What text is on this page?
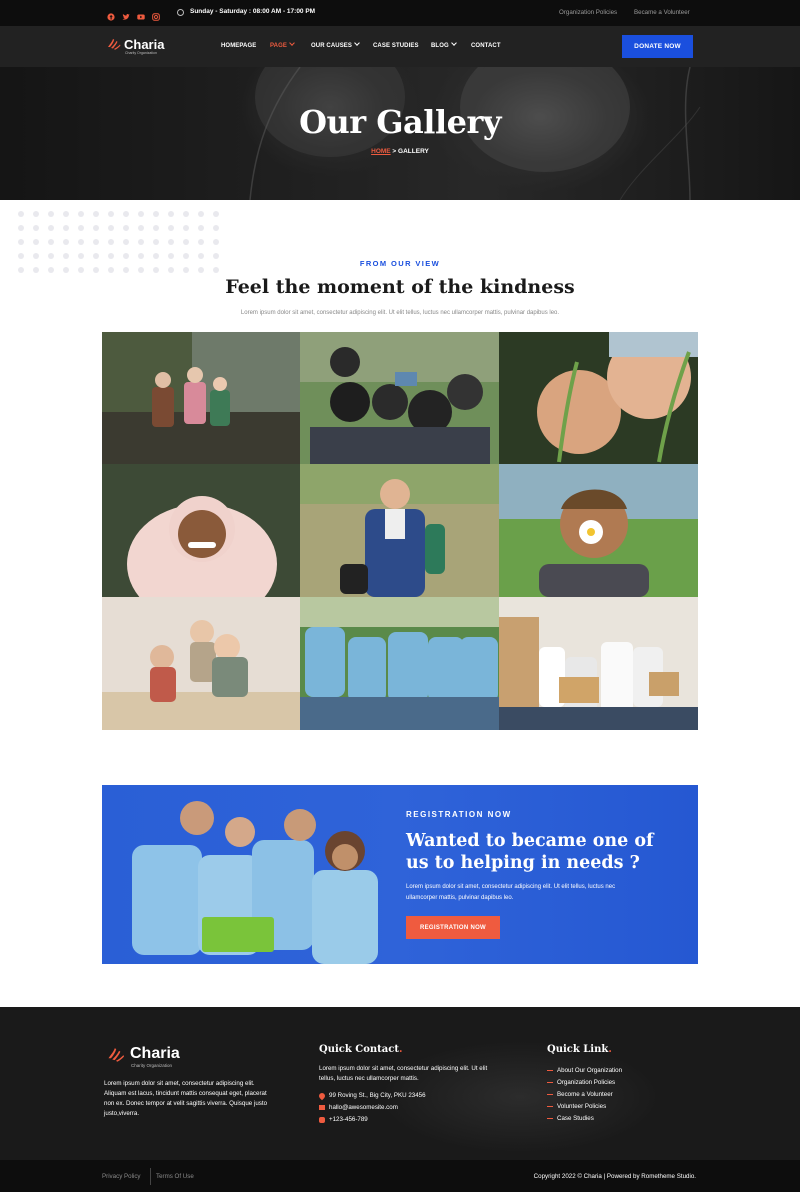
Sunday - Saturday : 08:00 AM - 17:00 PM	Organization Policies	Became a Volunteer
Charia
Charity Organization
HOMEPAGE PAGE	OUR CAUSES	CASE STUDIES BLOG	CONTACT	DONATE NOW
Our Gallery
HOME > GALLERY
FROM OUR VIEW
Feel the moment of the kindness
Lorem ipsum dolor sit amet, consectetur adipiscing elit. Ut elit tellus, luctus nec ullamcorper mattis, pulvinar dapibus leo.
REGISTRATION NOW
Wanted to became one of us to helping in needs ?
Lorem ipsum dolor sit amet, consectetur adipiscing elit. Ut elit tellus, luctus nec ullamcorper mattis, pulvinar dapibus leo.
REGISTRATION NOW
Charia
Charity Organization
Lorem ipsum dolor sit amet, consectetur adipiscing elit. Aliquam est lacus, tincidunt mattis consequat eget, placerat non ex. Donec tempor at velit sagittis viverra. Quisque justo justo,viverra.
Quick Contact.
Lorem ipsum dolor sit amet, consectetur adipiscing elit. Ut elit tellus, luctus nec ullamcorper mattis.
99 Roving St., Big City, PKU 23456
hallo@awesomesite.com
+123-456-789
Quick Link.
About Our Organization
Organization Policies
Become a Volunteer
Volunteer Policies
Case Studies
Privacy Policy Terms Of Use	Copyright 2022 © Charia | Powered by Rometheme Studio.
